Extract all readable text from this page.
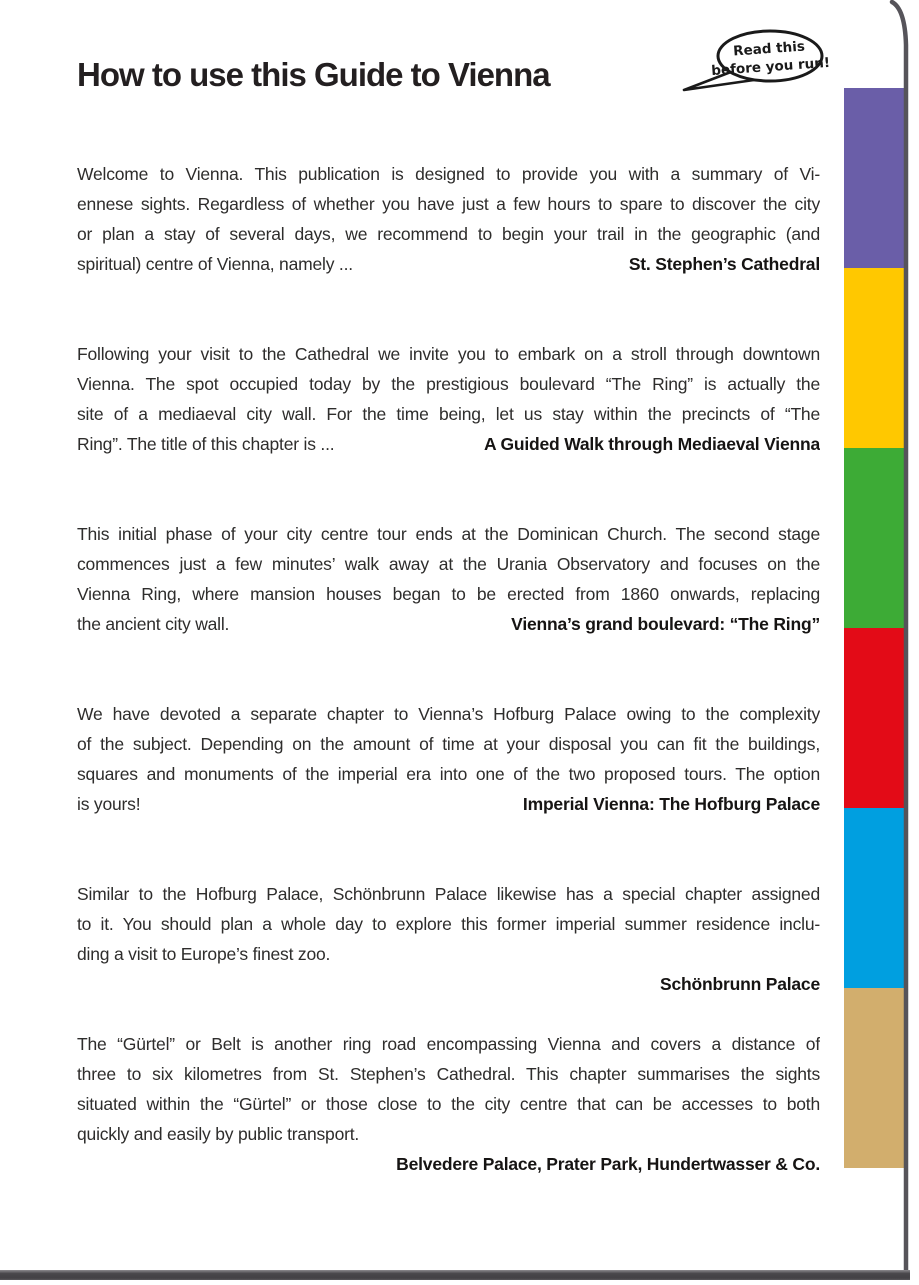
How to use this Guide to Vienna
Read this before you run!
Welcome to Vienna. This publication is designed to provide you with a summary of Vi-
ennese sights. Regardless of whether you have just a few hours to spare to discover the city
or plan a stay of several days, we recommend to begin your trail in the geographic (and
spiritual) centre of Vienna, namely ...	St. Stephen’s Cathedral
Following your visit to the Cathedral we invite you to embark on a stroll through downtown
Vienna. The spot occupied today by the prestigious boulevard “The Ring” is actually the
site of a mediaeval city wall. For the time being, let us stay within the precincts of “The
Ring”. The title of this chapter is ...	A Guided Walk through Mediaeval Vienna
This initial phase of your city centre tour ends at the Dominican Church. The second stage
commences just a few minutes’ walk away at the Urania Observatory and focuses on the
Vienna Ring, where mansion houses began to be erected from 1860 onwards, replacing
the ancient city wall.	Vienna’s grand boulevard: “The Ring”
We have devoted a separate chapter to Vienna’s Hofburg Palace owing to the complexity
of the subject. Depending on the amount of time at your disposal you can fit the buildings,
squares and monuments of the imperial era into one of the two proposed tours. The option
is yours!	Imperial Vienna: The Hofburg Palace
Similar to the Hofburg Palace, Schönbrunn Palace likewise has a special chapter assigned
to it. You should plan a whole day to explore this former imperial summer residence inclu-
ding a visit to Europe’s finest zoo.
Schönbrunn Palace
The “Gürtel” or Belt is another ring road encompassing Vienna and covers a distance of
three to six kilometres from St. Stephen’s Cathedral. This chapter summarises the sights
situated within the “Gürtel” or those close to the city centre that can be accesses to both
quickly and easily by public transport.
Belvedere Palace, Prater Park, Hundertwasser & Co.
